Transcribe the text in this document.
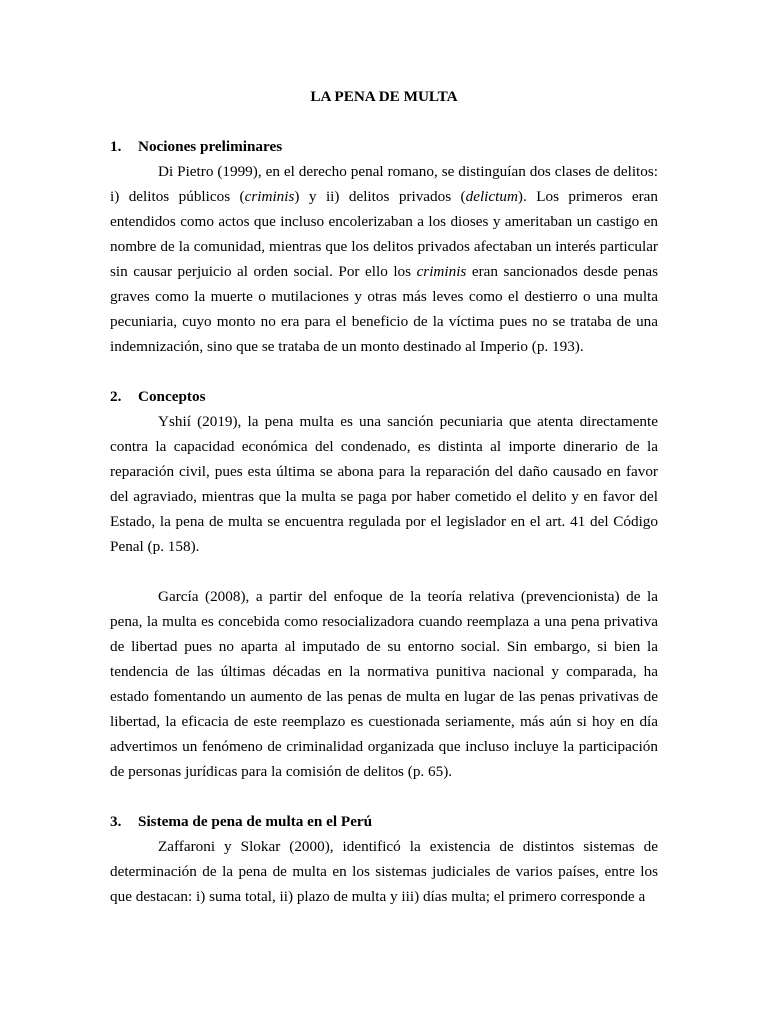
LA PENA DE MULTA

1. Nociones preliminares

Di Pietro (1999), en el derecho penal romano, se distinguían dos clases de delitos: i) delitos públicos (criminis) y ii) delitos privados (delictum). Los primeros eran entendidos como actos que incluso encolerizaban a los dioses y ameritaban un castigo en nombre de la comunidad, mientras que los delitos privados afectaban un interés particular sin causar perjuicio al orden social. Por ello los criminis eran sancionados desde penas graves como la muerte o mutilaciones y otras más leves como el destierro o una multa pecuniaria, cuyo monto no era para el beneficio de la víctima pues no se trataba de una indemnización, sino que se trataba de un monto destinado al Imperio (p. 193).

2. Conceptos

Yshií (2019), la pena multa es una sanción pecuniaria que atenta directamente contra la capacidad económica del condenado, es distinta al importe dinerario de la reparación civil, pues esta última se abona para la reparación del daño causado en favor del agraviado, mientras que la multa se paga por haber cometido el delito y en favor del Estado, la pena de multa se encuentra regulada por el legislador en el art. 41 del Código Penal (p. 158).

García (2008), a partir del enfoque de la teoría relativa (prevencionista) de la pena, la multa es concebida como resocializadora cuando reemplaza a una pena privativa de libertad pues no aparta al imputado de su entorno social. Sin embargo, si bien la tendencia de las últimas décadas en la normativa punitiva nacional y comparada, ha estado fomentando un aumento de las penas de multa en lugar de las penas privativas de libertad, la eficacia de este reemplazo es cuestionada seriamente, más aún si hoy en día advertimos un fenómeno de criminalidad organizada que incluso incluye la participación de personas jurídicas para la comisión de delitos (p. 65).

3. Sistema de pena de multa en el Perú

Zaffaroni y Slokar (2000), identificó la existencia de distintos sistemas de determinación de la pena de multa en los sistemas judiciales de varios países, entre los que destacan: i) suma total, ii) plazo de multa y iii) días multa; el primero corresponde a
